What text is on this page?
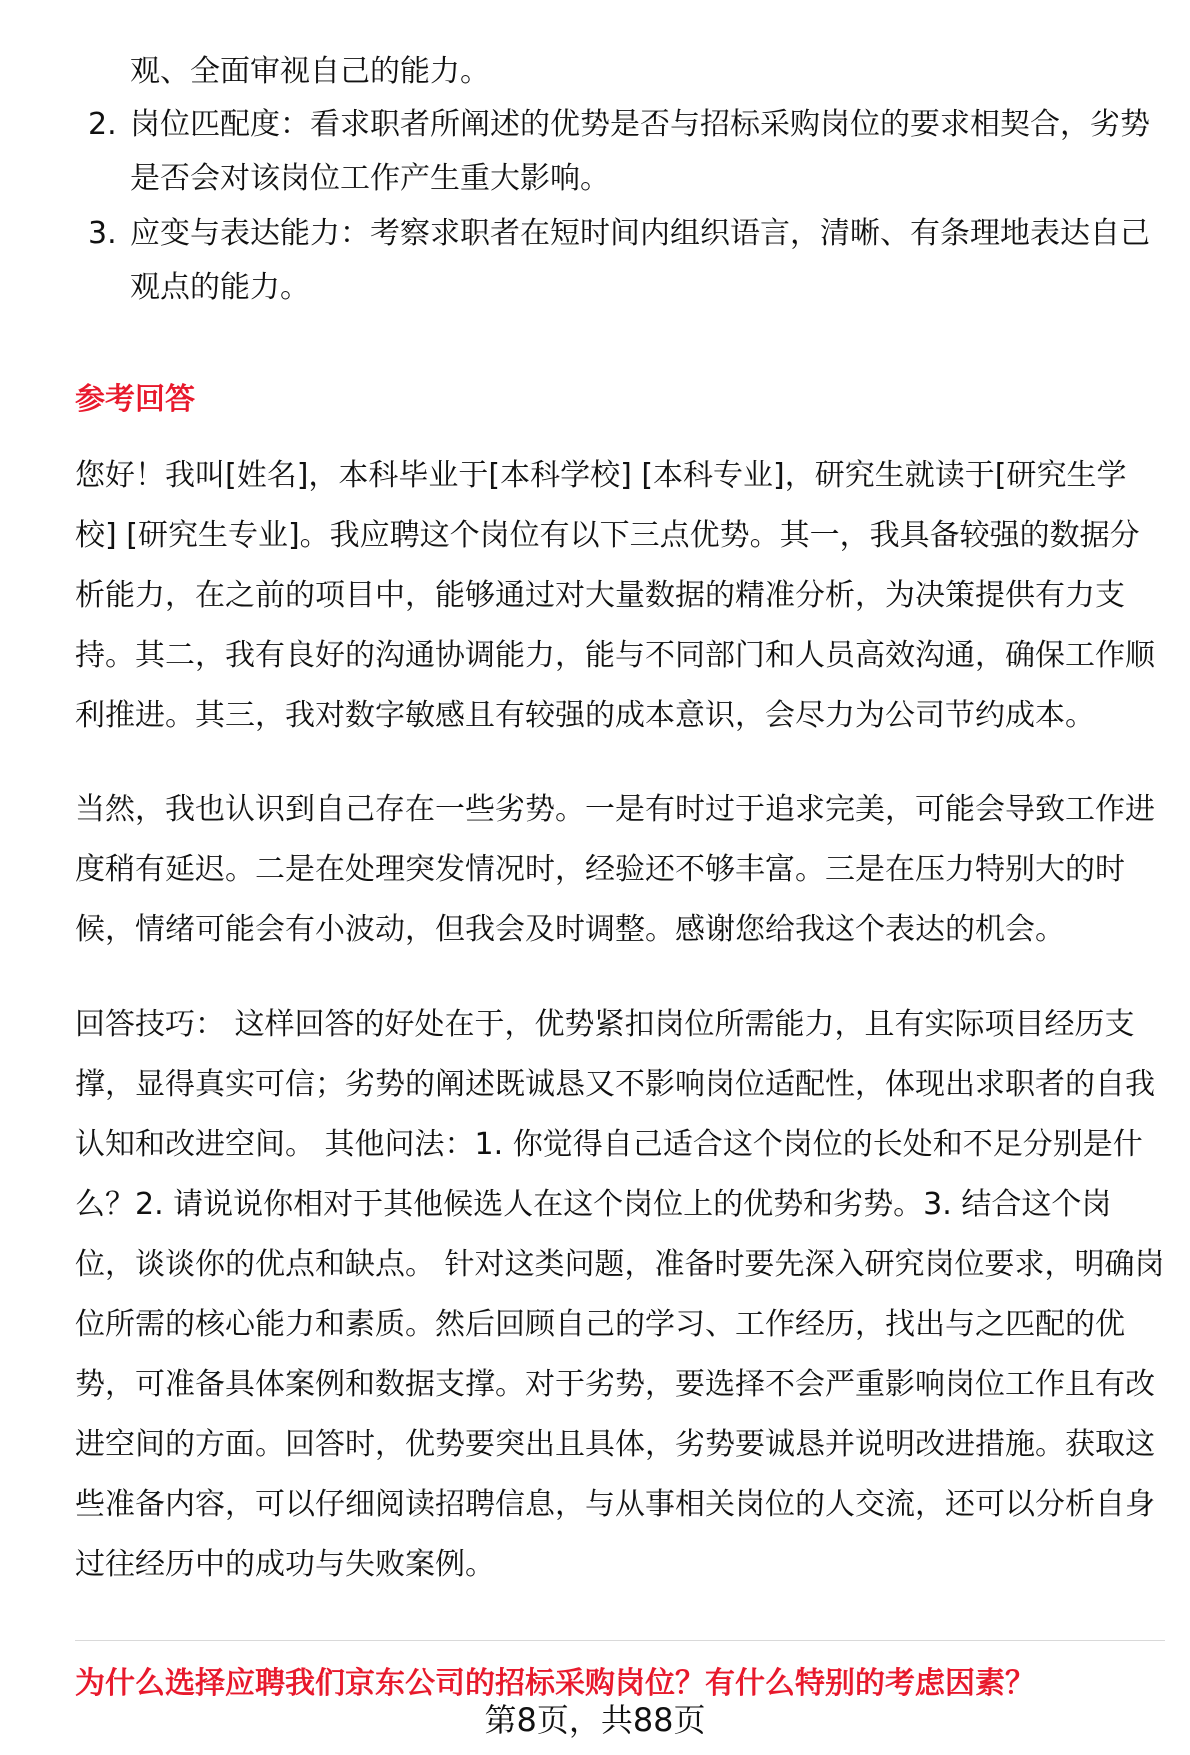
观、全面审视自己的能力。
2. 岗位匹配度：看求职者所阐述的优势是否与招标采购岗位的要求相契合，劣势
是否会对该岗位工作产生重大影响。
3. 应变与表达能力：考察求职者在短时间内组织语言，清晰、有条理地表达自己
观点的能力。
参考回答

您好！我叫[姓名]，本科毕业于[本科学校] [本科专业]，研究生就读于[研究生学校] [研究生专业]。我应聘这个岗位有以下三点优势。其一，我具备较强的数据分析能力，在之前的项目中，能够通过对大量数据的精准分析，为决策提供有力支持。其二，我有良好的沟通协调能力，能与不同部门和人员高效沟通，确保工作顺利推进。其三，我对数字敏感且有较强的成本意识，会尽力为公司节约成本。

当然，我也认识到自己存在一些劣势。一是有时过于追求完美，可能会导致工作进度稍有延迟。二是在处理突发情况时，经验还不够丰富。三是在压力特别大的时候，情绪可能会有小波动，但我会及时调整。感谢您给我这个表达的机会。

回答技巧： 这样回答的好处在于，优势紧扣岗位所需能力，且有实际项目经历支撑，显得真实可信；劣势的阐述既诚恳又不影响岗位适配性，体现出求职者的自我认知和改进空间。 其他问法：1. 你觉得自己适合这个岗位的长处和不足分别是什么？2. 请说说你相对于其他候选人在这个岗位上的优势和劣势。3. 结合这个岗位，谈谈你的优点和缺点。 针对这类问题，准备时要先深入研究岗位要求，明确岗位所需的核心能力和素质。然后回顾自己的学习、工作经历，找出与之匹配的优势，可准备具体案例和数据支撑。对于劣势，要选择不会严重影响岗位工作且有改进空间的方面。回答时，优势要突出且具体，劣势要诚恳并说明改进措施。获取这些准备内容，可以仔细阅读招聘信息，与从事相关岗位的人交流，还可以分析自身过往经历中的成功与失败案例。

为什么选择应聘我们京东公司的招标采购岗位？有什么特别的考虑因素？
第8页，共88页
